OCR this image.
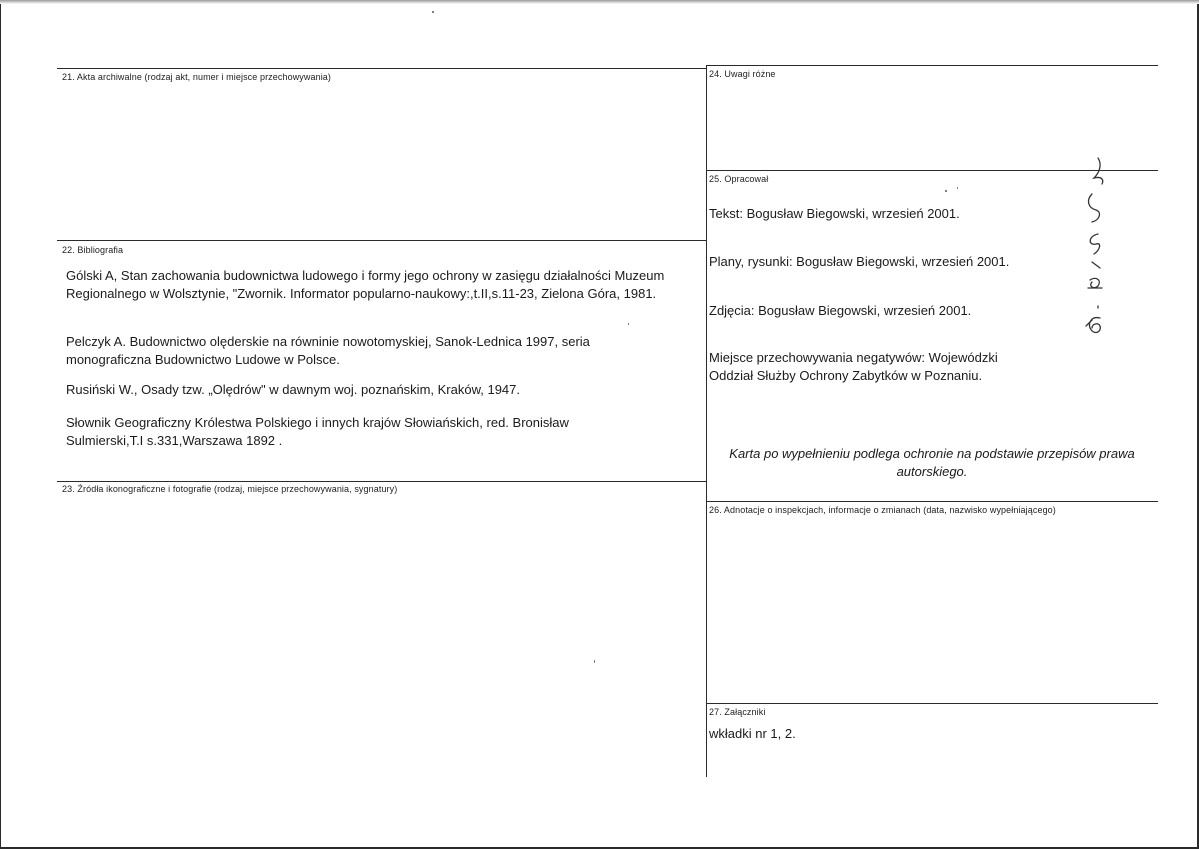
21. Akta archiwalne (rodzaj akt, numer i miejsce przechowywania)
22. Bibliografia
Gólski A, Stan zachowania budownictwa ludowego i formy jego ochrony w zasięgu działalności Muzeum Regionalnego w Wolsztynie, "Zwornik. Informator popularno-naukowy:,t.II,s.11-23, Zielona Góra, 1981.
Pelczyk A. Budownictwo olęderskie na równinie nowotomyskiej, Sanok-Lednica 1997, seria monograficzna Budownictwo Ludowe w Polsce.
Rusiński W., Osady tzw. „Olędrów" w dawnym woj. poznańskim, Kraków, 1947.
Słownik Geograficzny Królestwa Polskiego i innych krajów Słowiańskich, red. Bronisław Sulmierski,T.I s.331,Warszawa 1892 .
23. Źródła ikonograficzne i fotografie (rodzaj, miejsce przechowywania, sygnatury)
24. Uwagi różne
25. Opracował
Tekst: Bogusław Biegowski, wrzesień 2001.
Plany, rysunki: Bogusław Biegowski, wrzesień 2001.
Zdjęcia: Bogusław Biegowski, wrzesień 2001.
Miejsce przechowywania negatywów: Wojewódzki Oddział Służby Ochrony Zabytków w Poznaniu.
Karta po wypełnieniu podlega ochronie na podstawie przepisów prawa autorskiego.
26. Adnotacje o inspekcjach, informacje o zmianach (data, nazwisko wypełniającego)
27. Załączniki
wkładki nr 1, 2.
